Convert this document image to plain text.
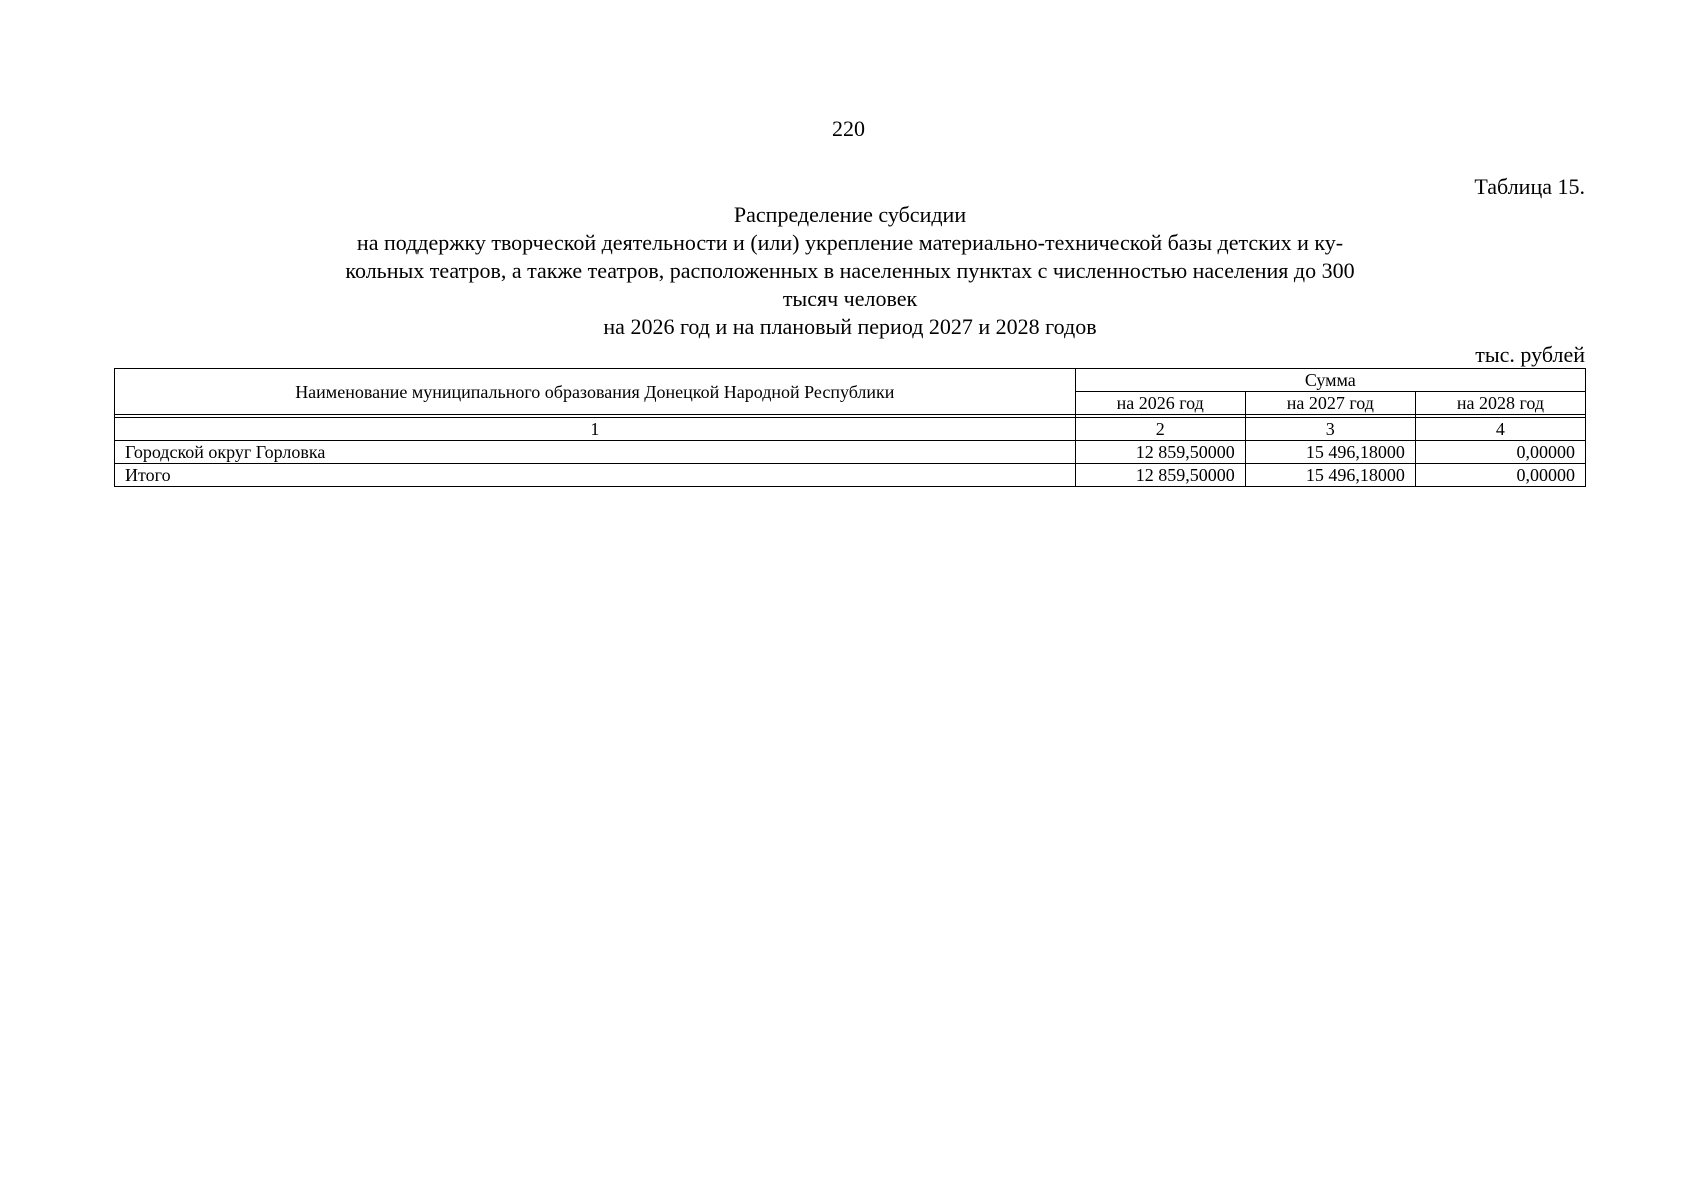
220
Таблица 15.
Распределение субсидии
на поддержку творческой деятельности и (или) укрепление материально-технической базы детских и ку-
кольных театров, а также театров, расположенных в населенных пунктах с численностью населения до 300
тысяч человек
на 2026 год и на плановый период 2027 и 2028 годов
тыс. рублей
Наименование муниципального образования Донецкой Народной Республики	Сумма		
	на 2026 год	на 2027 год	на 2028 год

1	2	3	4
Городской округ Горловка	12 859,50000	15 496,18000	0,00000
Итого	12 859,50000	15 496,18000	0,00000
